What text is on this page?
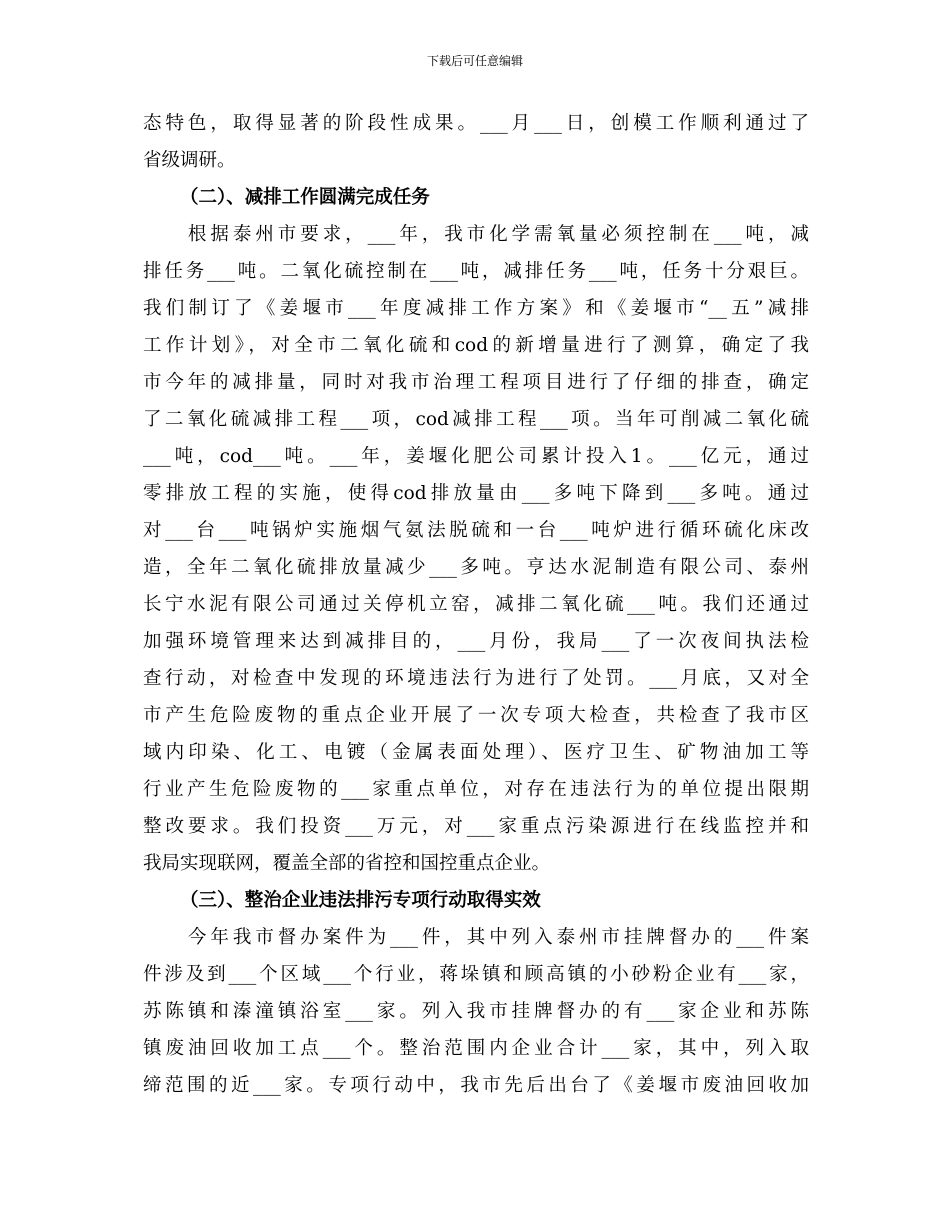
下载后可任意编辑
态特色，取得显著的阶段性成果。___月___日，创模工作顺利通过了
省级调研。
（二）、减排工作圆满完成任务
　　根据泰州市要求，___年，我市化学需氧量必须控制在___吨，减
排任务___吨。二氧化硫控制在___吨，减排任务___吨，任务十分艰巨。
我们制订了《姜堰市___年度减排工作方案》和《姜堰市“__五”减排
工作计划》，对全市二氧化硫和cod的新增量进行了测算，确定了我
市今年的减排量，同时对我市治理工程项目进行了仔细的排查，确定
了二氧化硫减排工程___项，cod减排工程___项。当年可削减二氧化硫
___吨，cod___吨。___年，姜堰化肥公司累计投入1。___亿元，通过
零排放工程的实施，使得cod排放量由___多吨下降到___多吨。通过
对___台___吨锅炉实施烟气氨法脱硫和一台___吨炉进行循环硫化床改
造，全年二氧化硫排放量减少___多吨。亨达水泥制造有限公司、泰州
长宁水泥有限公司通过关停机立窑，减排二氧化硫___吨。我们还通过
加强环境管理来达到减排目的，___月份，我局___了一次夜间执法检
查行动，对检查中发现的环境违法行为进行了处罚。___月底，又对全
市产生危险废物的重点企业开展了一次专项大检查，共检查了我市区
域内印染、化工、电镀（金属表面处理）、医疗卫生、矿物油加工等
行业产生危险废物的___家重点单位，对存在违法行为的单位提出限期
整改要求。我们投资___万元，对___家重点污染源进行在线监控并和
我局实现联网，覆盖全部的省控和国控重点企业。
（三）、整治企业违法排污专项行动取得实效
　　今年我市督办案件为___件，其中列入泰州市挂牌督办的___件案
件涉及到___个区域___个行业，蒋垛镇和顾高镇的小砂粉企业有___家，
苏陈镇和溱潼镇浴室___家。列入我市挂牌督办的有___家企业和苏陈
镇废油回收加工点___个。整治范围内企业合计___家，其中，列入取
缔范围的近___家。专项行动中，我市先后出台了《姜堰市废油回收加
